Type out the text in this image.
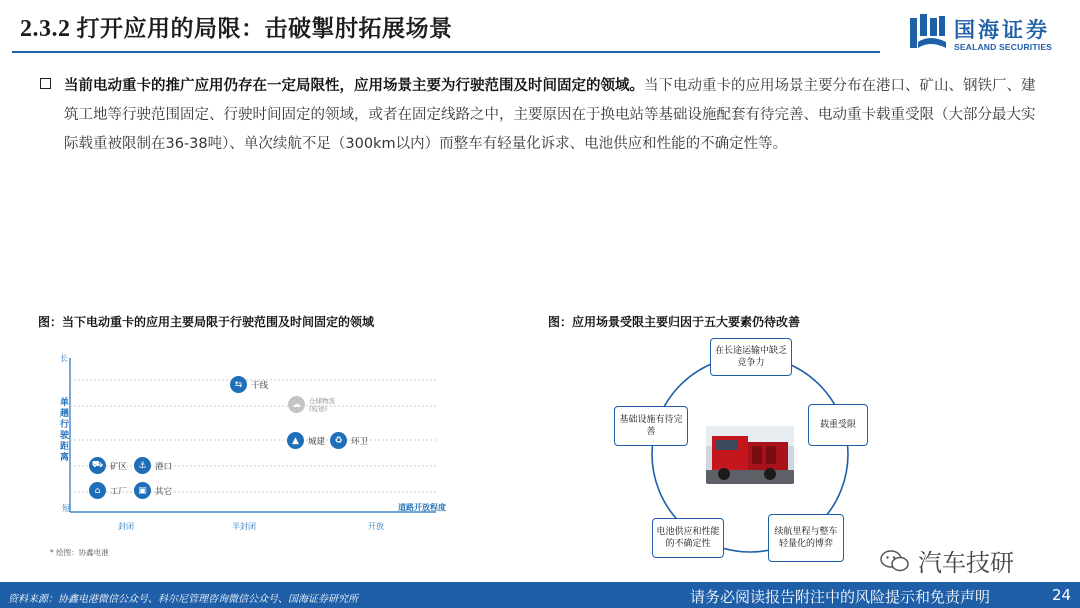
2.3.2 打开应用的局限：击破掣肘拓展场景	国海证券
SEALAND SECURITIES
当前电动重卡的推广应用仍存在一定局限性，应用场景主要为行驶范围及时间固定的领域。当下电动重卡的应用场景主要分布在港口、矿山、钢铁厂、建筑工地等行驶范围固定、行驶时间固定的领域，或者在固定线路之中，主要原因在于换电站等基础设施配套有待完善、电动重卡载重受限（大部分最大实际载重被限制在36-38吨）、单次续航不足（300km以内）而整车有轻量化诉求、电池供应和性能的不确定性等。
图：当下电动重卡的应用主要局限于行驶范围及时间固定的领域	图：应用场景受限主要归因于五大要素仍待改善
长
短
单趟行驶距离
道路开放程度
封闭	半封闭	开放
⇆	干线
☁	仓储物流
(短途)
▲	城建	♻ 环卫
⛟ 矿区	⚓ 港口
⌂	工厂	▣ 其它
* 绘图：协鑫电港
在长途运输中缺乏竞争力
载重受限
续航里程与整车轻量化的博弈
电池供应和性能的不确定性
基础设施有待完善
汽车技研
资料来源：协鑫电港微信公众号、科尔尼管理咨询微信公众号、国海证券研究所	请务必阅读报告附注中的风险提示和免责声明	24
